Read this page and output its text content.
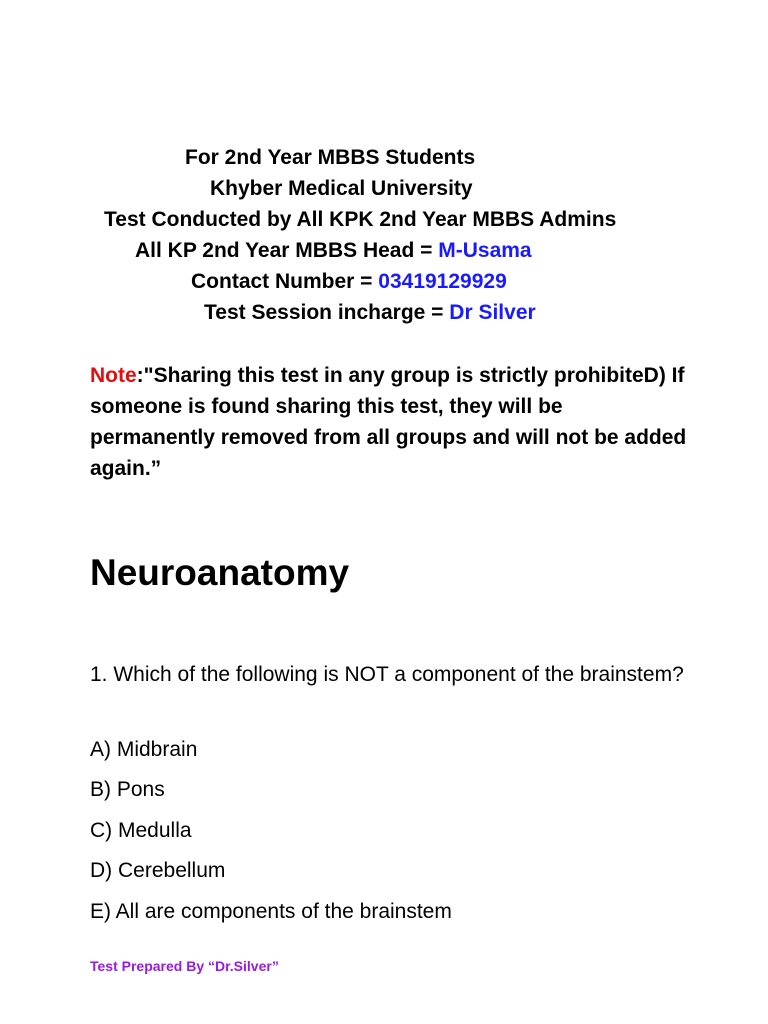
For 2nd Year MBBS Students
Khyber Medical University
Test Conducted by All KPK 2nd Year MBBS Admins
All KP 2nd Year MBBS Head = M-Usama
Contact Number = 03419129929
Test Session incharge = Dr Silver
Note:"Sharing this test in any group is strictly prohibiteD) If someone is found sharing this test, they will be permanently removed from all groups and will not be added again.”
Neuroanatomy
1. Which of the following is NOT a component of the brainstem?
A) Midbrain
B) Pons
C) Medulla
D) Cerebellum
E) All are components of the brainstem
Test Prepared By “Dr.Silver”
